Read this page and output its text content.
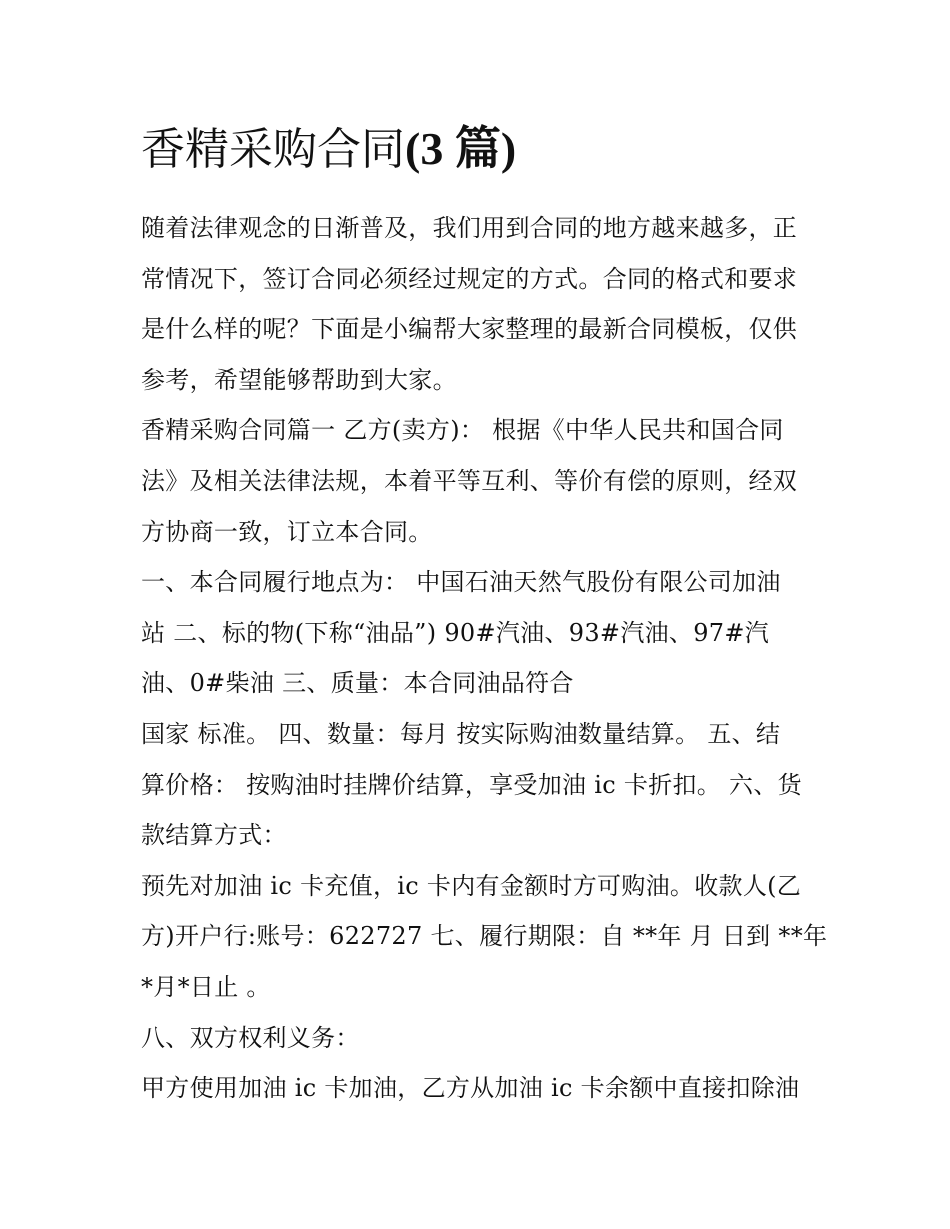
香精采购合同(3 篇)
随着法律观念的日渐普及，我们用到合同的地方越来越多，正
常情况下，签订合同必须经过规定的方式。合同的格式和要求
是什么样的呢？下面是小编帮大家整理的最新合同模板，仅供
参考，希望能够帮助到大家。
香精采购合同篇一 乙方(卖方)： 根据《中华人民共和国合同
法》及相关法律法规，本着平等互利、等价有偿的原则，经双
方协商一致，订立本合同。
一、本合同履行地点为： 中国石油天然气股份有限公司加油
站 二、标的物(下称“油品”) 90#汽油、93#汽油、97#汽
油、0#柴油 三、质量：本合同油品符合
国家 标准。 四、数量：每月 按实际购油数量结算。 五、结
算价格： 按购油时挂牌价结算，享受加油 ic 卡折扣。 六、货
款结算方式：
预先对加油 ic 卡充值，ic 卡内有金额时方可购油。收款人(乙
方)开户行:账号：622727 七、履行期限：自 **年 月 日到 **年
*月*日止 。
八、双方权利义务：
甲方使用加油 ic 卡加油，乙方从加油 ic 卡余额中直接扣除油
